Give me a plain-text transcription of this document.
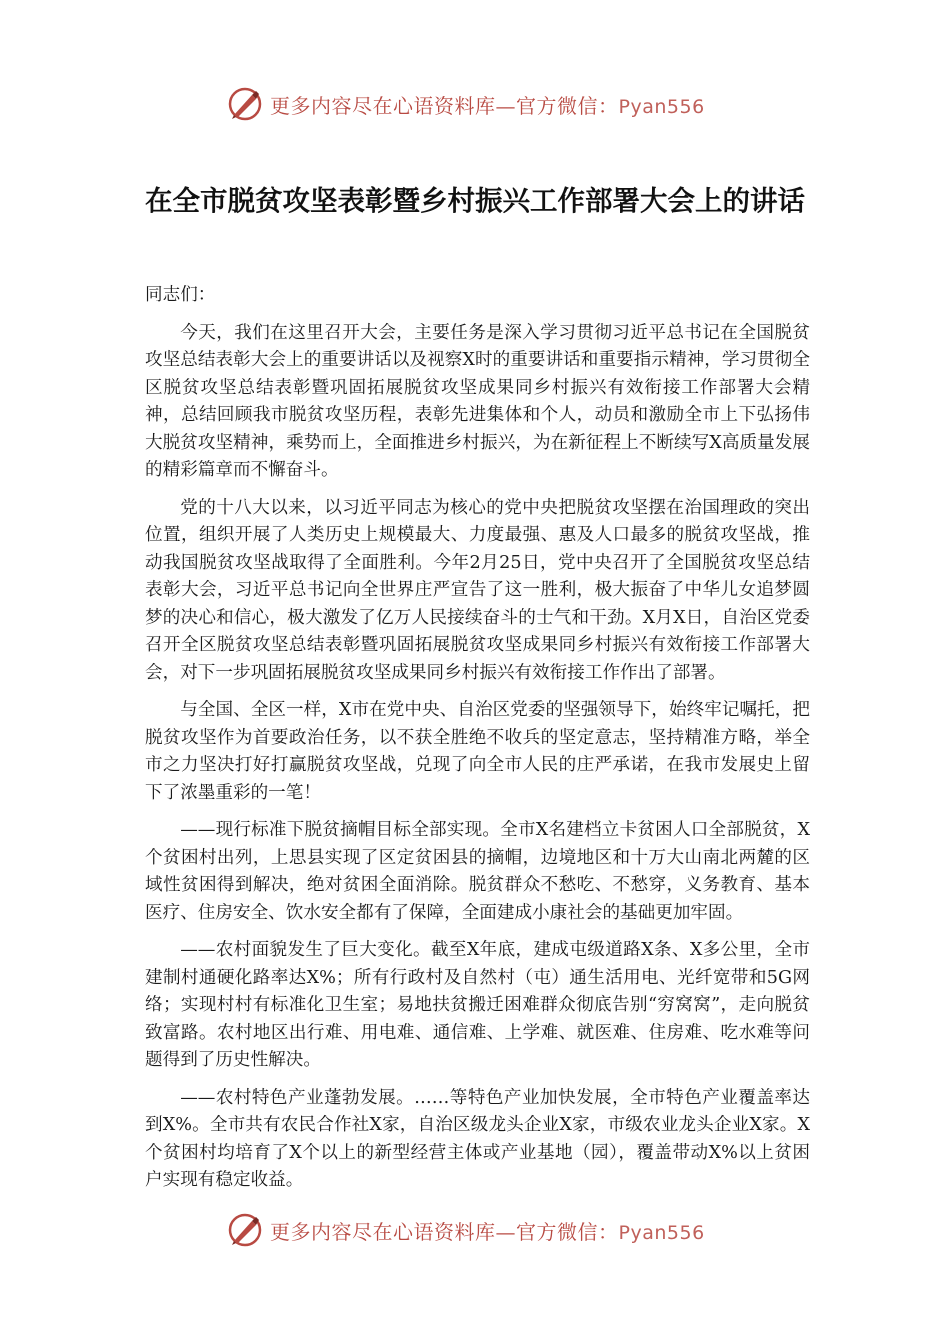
更多内容尽在心语资料库—官方微信：Pyan556
在全市脱贫攻坚表彰暨乡村振兴工作部署大会上的讲话

同志们：

今天，我们在这里召开大会，主要任务是深入学习贯彻习近平总书记在全国脱贫攻坚总结表彰大会上的重要讲话以及视察X时的重要讲话和重要指示精神，学习贯彻全区脱贫攻坚总结表彰暨巩固拓展脱贫攻坚成果同乡村振兴有效衔接工作部署大会精神，总结回顾我市脱贫攻坚历程，表彰先进集体和个人，动员和激励全市上下弘扬伟大脱贫攻坚精神，乘势而上，全面推进乡村振兴，为在新征程上不断续写X高质量发展的精彩篇章而不懈奋斗。

党的十八大以来，以习近平同志为核心的党中央把脱贫攻坚摆在治国理政的突出位置，组织开展了人类历史上规模最大、力度最强、惠及人口最多的脱贫攻坚战，推动我国脱贫攻坚战取得了全面胜利。今年2月25日，党中央召开了全国脱贫攻坚总结表彰大会，习近平总书记向全世界庄严宣告了这一胜利，极大振奋了中华儿女追梦圆梦的决心和信心，极大激发了亿万人民接续奋斗的士气和干劲。X月X日，自治区党委召开全区脱贫攻坚总结表彰暨巩固拓展脱贫攻坚成果同乡村振兴有效衔接工作部署大会，对下一步巩固拓展脱贫攻坚成果同乡村振兴有效衔接工作作出了部署。

与全国、全区一样，X市在党中央、自治区党委的坚强领导下，始终牢记嘱托，把脱贫攻坚作为首要政治任务，以不获全胜绝不收兵的坚定意志，坚持精准方略，举全市之力坚决打好打赢脱贫攻坚战，兑现了向全市人民的庄严承诺，在我市发展史上留下了浓墨重彩的一笔！

——现行标准下脱贫摘帽目标全部实现。全市X名建档立卡贫困人口全部脱贫，X个贫困村出列，上思县实现了区定贫困县的摘帽，边境地区和十万大山南北两麓的区域性贫困得到解决，绝对贫困全面消除。脱贫群众不愁吃、不愁穿，义务教育、基本医疗、住房安全、饮水安全都有了保障，全面建成小康社会的基础更加牢固。

——农村面貌发生了巨大变化。截至X年底，建成屯级道路X条、X多公里，全市建制村通硬化路率达X%；所有行政村及自然村（屯）通生活用电、光纤宽带和5G网络；实现村村有标准化卫生室；易地扶贫搬迁困难群众彻底告别“穷窝窝”，走向脱贫致富路。农村地区出行难、用电难、通信难、上学难、就医难、住房难、吃水难等问题得到了历史性解决。

——农村特色产业蓬勃发展。……等特色产业加快发展，全市特色产业覆盖率达到X%。全市共有农民合作社X家，自治区级龙头企业X家，市级农业龙头企业X家。X个贫困村均培育了X个以上的新型经营主体或产业基地（园），覆盖带动X%以上贫困户实现有稳定收益。

更多内容尽在心语资料库—官方微信：Pyan556
